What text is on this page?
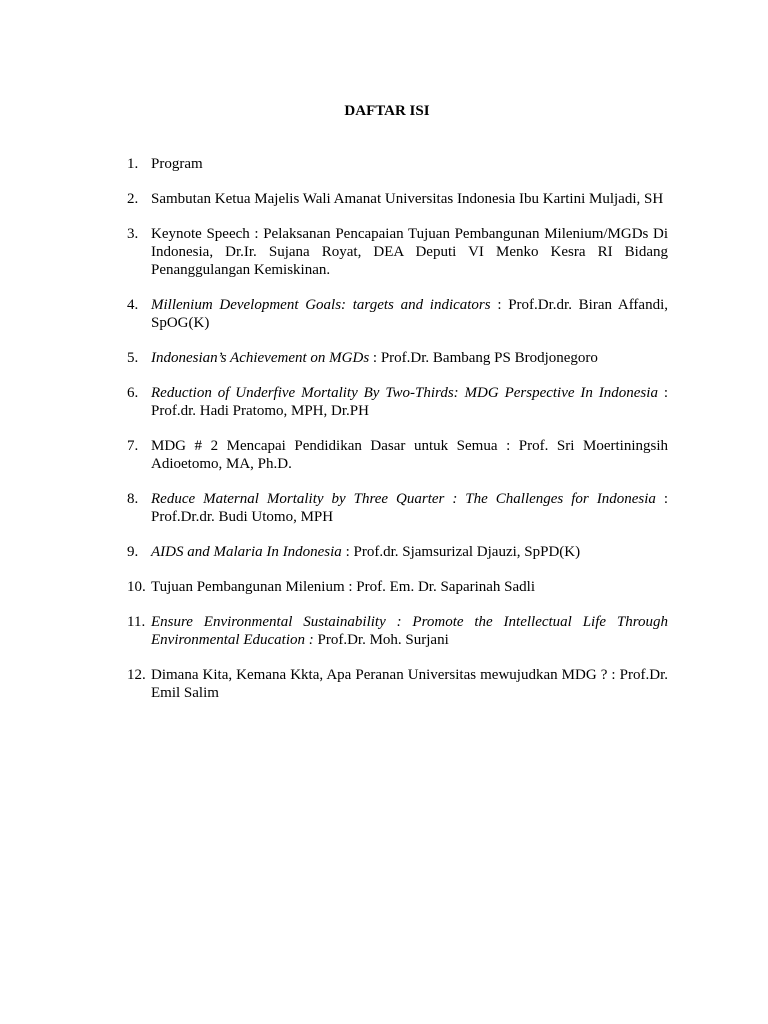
DAFTAR ISI
1. Program
2. Sambutan Ketua Majelis Wali Amanat Universitas Indonesia Ibu Kartini Muljadi, SH
3. Keynote Speech : Pelaksanan Pencapaian Tujuan Pembangunan Milenium/MGDs Di Indonesia, Dr.Ir. Sujana Royat, DEA Deputi VI Menko Kesra RI Bidang Penanggulangan Kemiskinan.
4. Millenium Development Goals: targets and indicators : Prof.Dr.dr. Biran Affandi, SpOG(K)
5. Indonesian’s Achievement on MGDs : Prof.Dr. Bambang PS Brodjonegoro
6. Reduction of Underfive Mortality By Two-Thirds: MDG Perspective In Indonesia : Prof.dr. Hadi Pratomo, MPH, Dr.PH
7. MDG # 2 Mencapai Pendidikan Dasar untuk Semua : Prof. Sri Moertiningsih Adioetomo, MA, Ph.D.
8. Reduce Maternal Mortality by Three Quarter : The Challenges for Indonesia : Prof.Dr.dr. Budi Utomo, MPH
9. AIDS and Malaria In Indonesia : Prof.dr. Sjamsurizal Djauzi, SpPD(K)
10. Tujuan Pembangunan Milenium : Prof. Em. Dr. Saparinah Sadli
11. Ensure Environmental Sustainability : Promote the Intellectual Life Through Environmental Education : Prof.Dr. Moh. Surjani
12. Dimana Kita, Kemana Kkta, Apa Peranan Universitas mewujudkan MDG ? : Prof.Dr. Emil Salim
